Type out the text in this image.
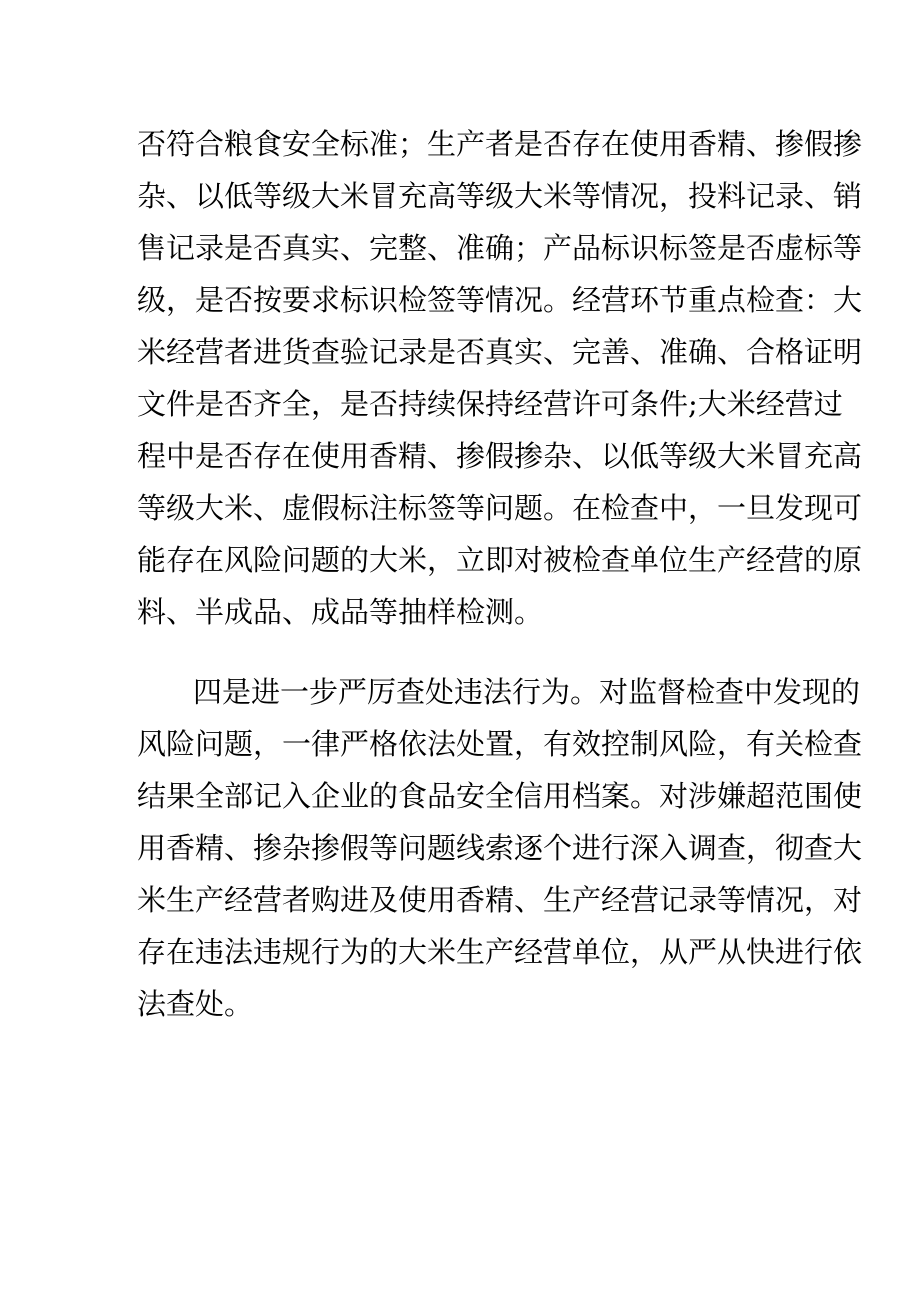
否符合粮食安全标准；生产者是否存在使用香精、掺假掺
杂、以低等级大米冒充高等级大米等情况，投料记录、销
售记录是否真实、完整、准确；产品标识标签是否虚标等
级，是否按要求标识检签等情况。经营环节重点检查：大
米经营者进货查验记录是否真实、完善、准确、合格证明
文件是否齐全，是否持续保持经营许可条件;大米经营过
程中是否存在使用香精、掺假掺杂、以低等级大米冒充高
等级大米、虚假标注标签等问题。在检查中，一旦发现可
能存在风险问题的大米，立即对被检查单位生产经营的原
料、半成品、成品等抽样检测。
四是进一步严厉查处违法行为。对监督检查中发现的
风险问题，一律严格依法处置，有效控制风险，有关检查
结果全部记入企业的食品安全信用档案。对涉嫌超范围使
用香精、掺杂掺假等问题线索逐个进行深入调查，彻查大
米生产经营者购进及使用香精、生产经营记录等情况，对
存在违法违规行为的大米生产经营单位，从严从快进行依
法查处。
